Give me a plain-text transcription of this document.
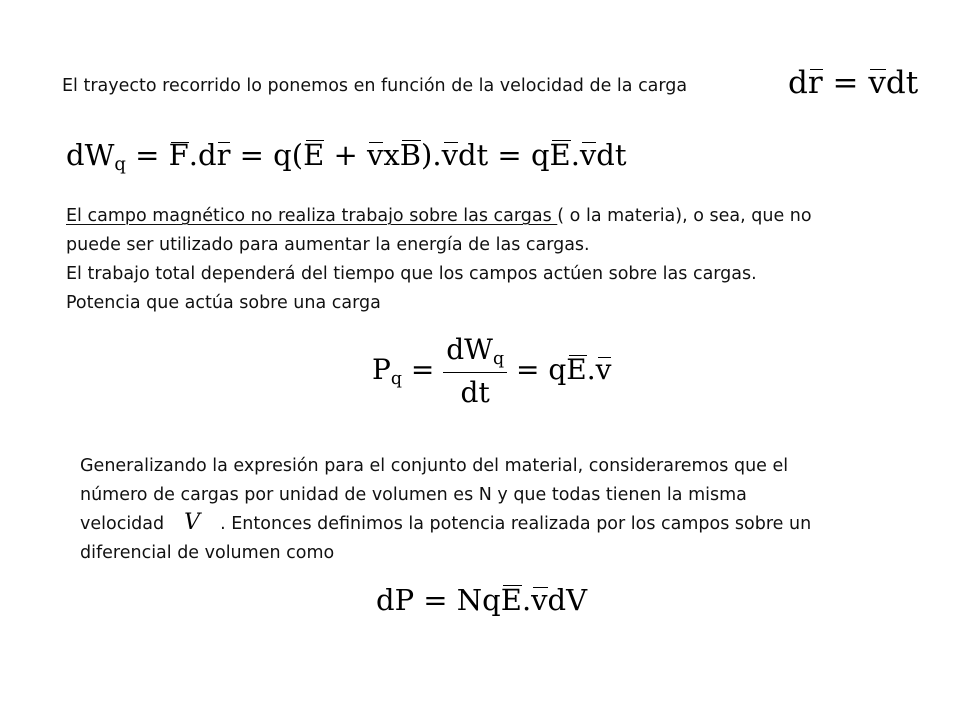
El trayecto recorrido lo ponemos en función de la velocidad de la carga	dr = vdt
$dW_q = F.dr = q(E + vxB).vdt = qE.vdt$
El campo magnético no realiza trabajo sobre las cargas ( o la materia), o sea, que no
puede ser utilizado para aumentar la energía de las cargas.
El trabajo total dependerá del tiempo que los campos actúen sobre las cargas.
Potencia que actúa sobre una carga
$P_q = \frac{dW_q}{dt} = qE.v$
Generalizando la expresión para el conjunto del material, consideraremos que el
número de cargas por unidad de volumen es N y que todas tienen la misma
velocidad V . Entonces definimos la potencia realizada por los campos sobre un
diferencial de volumen como
dP = NqE.vdV
